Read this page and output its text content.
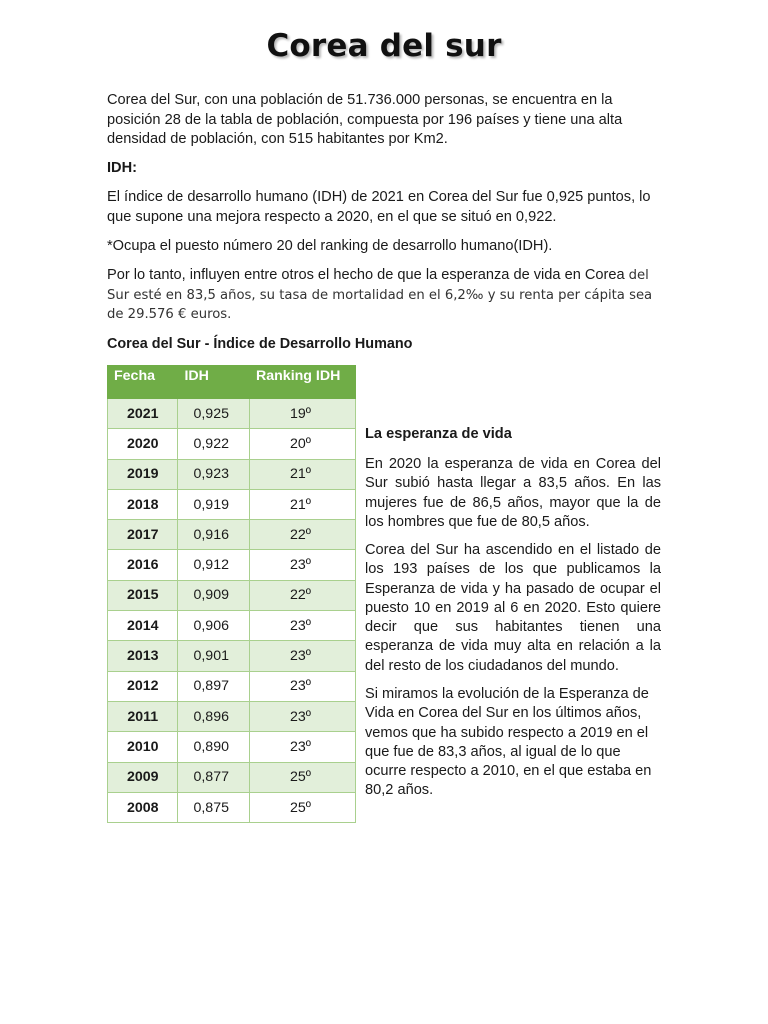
Corea del sur

Corea del Sur, con una población de 51.736.000 personas, se encuentra en la posición 28 de la tabla de población, compuesta por 196 países y tiene una alta densidad de población, con 515 habitantes por Km2.

IDH:

El índice de desarrollo humano (IDH) de 2021 en Corea del Sur fue 0,925 puntos, lo que supone una mejora respecto a 2020, en el que se situó en 0,922.

*Ocupa el puesto número 20 del ranking de desarrollo humano(IDH).

Por lo tanto, influyen entre otros el hecho de que la esperanza de vida en Corea del Sur esté en 83,5 años, su tasa de mortalidad en el 6,2‰ y su renta per cápita sea de 29.576 € euros.

Corea del Sur - Índice de Desarrollo Humano

Fecha	IDH	Ranking IDH
2021	0,925	19º
2020	0,922	20º
2019	0,923	21º
2018	0,919	21º
2017	0,916	22º
2016	0,912	23º
2015	0,909	22º
2014	0,906	23º
2013	0,901	23º
2012	0,897	23º
2011	0,896	23º
2010	0,890	23º
2009	0,877	25º
2008	0,875	25º

La esperanza de vida

En 2020 la esperanza de vida en Corea del Sur subió hasta llegar a 83,5 años. En las mujeres fue de 86,5 años, mayor que la de los hombres que fue de 80,5 años.

Corea del Sur ha ascendido en el listado de los 193 países de los que publicamos la Esperanza de vida y ha pasado de ocupar el puesto 10 en 2019 al 6 en 2020. Esto quiere decir que sus habitantes tienen una esperanza de vida muy alta en relación a la del resto de los ciudadanos del mundo.

Si miramos la evolución de la Esperanza de Vida en Corea del Sur en los últimos años, vemos que ha subido respecto a 2019 en el que fue de 83,3 años, al igual de lo que ocurre respecto a 2010, en el que estaba en 80,2 años.
